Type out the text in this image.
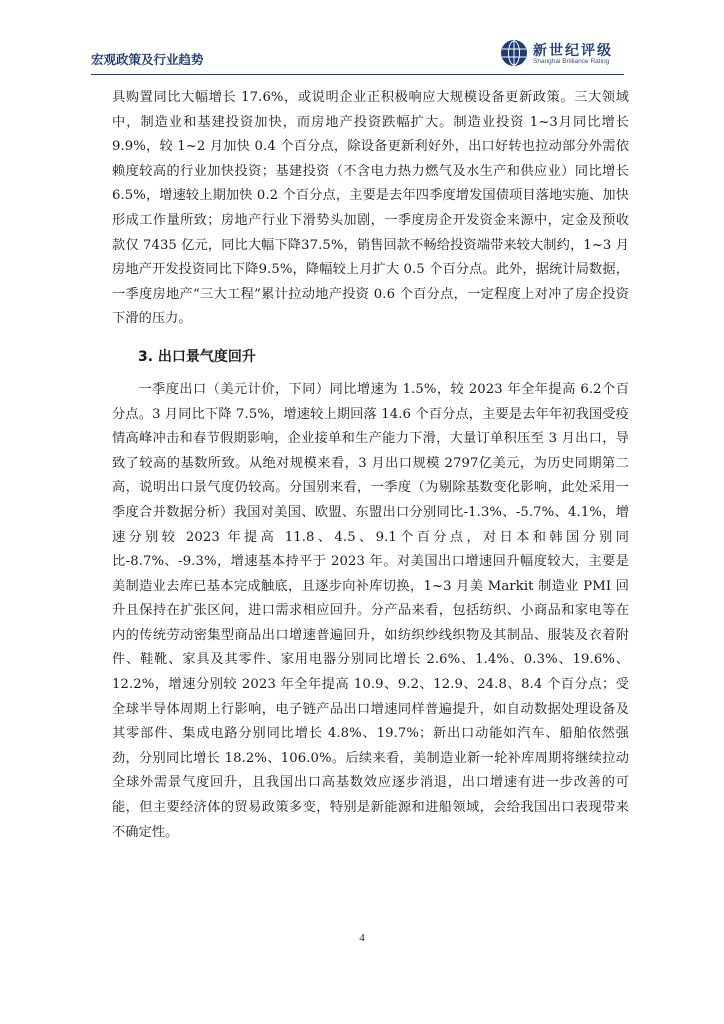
宏观政策及行业趋势
新世纪评级
Shanghai Brilliance Rating

具购置同比大幅增长 17.6%，或说明企业正积极响应大规模设备更新政策。三大领域中，制造业和基建投资加快，而房地产投资跌幅扩大。制造业投资 1~3月同比增长 9.9%，较 1~2 月加快 0.4 个百分点，除设备更新利好外，出口好转也拉动部分外需依赖度较高的行业加快投资；基建投资（不含电力热力燃气及水生产和供应业）同比增长 6.5%，增速较上期加快 0.2 个百分点，主要是去年四季度增发国债项目落地实施、加快形成工作量所致；房地产行业下滑势头加剧，一季度房企开发资金来源中，定金及预收款仅 7435 亿元，同比大幅下降37.5%，销售回款不畅给投资端带来较大制约，1~3 月房地产开发投资同比下降9.5%，降幅较上月扩大 0.5 个百分点。此外，据统计局数据，一季度房地产“三大工程”累计拉动地产投资 0.6 个百分点，一定程度上对冲了房企投资下滑的压力。

3. 出口景气度回升

一季度出口（美元计价，下同）同比增速为 1.5%，较 2023 年全年提高 6.2个百分点。3 月同比下降 7.5%，增速较上期回落 14.6 个百分点，主要是去年年初我国受疫情高峰冲击和春节假期影响，企业接单和生产能力下滑，大量订单积压至 3 月出口，导致了较高的基数所致。从绝对规模来看，3 月出口规模 2797亿美元，为历史同期第二高，说明出口景气度仍较高。分国别来看，一季度（为剔除基数变化影响，此处采用一季度合并数据分析）我国对美国、欧盟、东盟出口分别同比-1.3%、-5.7%、4.1%，增速分别较 2023 年提高 11.8、4.5、9.1个百分点，对日本和韩国分别同比-8.7%、-9.3%，增速基本持平于 2023 年。对美国出口增速回升幅度较大，主要是美制造业去库已基本完成触底，且逐步向补库切换，1~3 月美 Markit 制造业 PMI 回升且保持在扩张区间，进口需求相应回升。分产品来看，包括纺织、小商品和家电等在内的传统劳动密集型商品出口增速普遍回升，如纺织纱线织物及其制品、服装及衣着附件、鞋靴、家具及其零件、家用电器分别同比增长 2.6%、1.4%、0.3%、19.6%、12.2%，增速分别较 2023 年全年提高 10.9、9.2、12.9、24.8、8.4 个百分点；受全球半导体周期上行影响，电子链产品出口增速同样普遍提升，如自动数据处理设备及其零部件、集成电路分别同比增长 4.8%、19.7%；新出口动能如汽车、船舶依然强劲，分别同比增长 18.2%、106.0%。后续来看，美制造业新一轮补库周期将继续拉动全球外需景气度回升，且我国出口高基数效应逐步消退，出口增速有进一步改善的可能，但主要经济体的贸易政策多变，特别是新能源和进船领域，会给我国出口表现带来不确定性。

4
